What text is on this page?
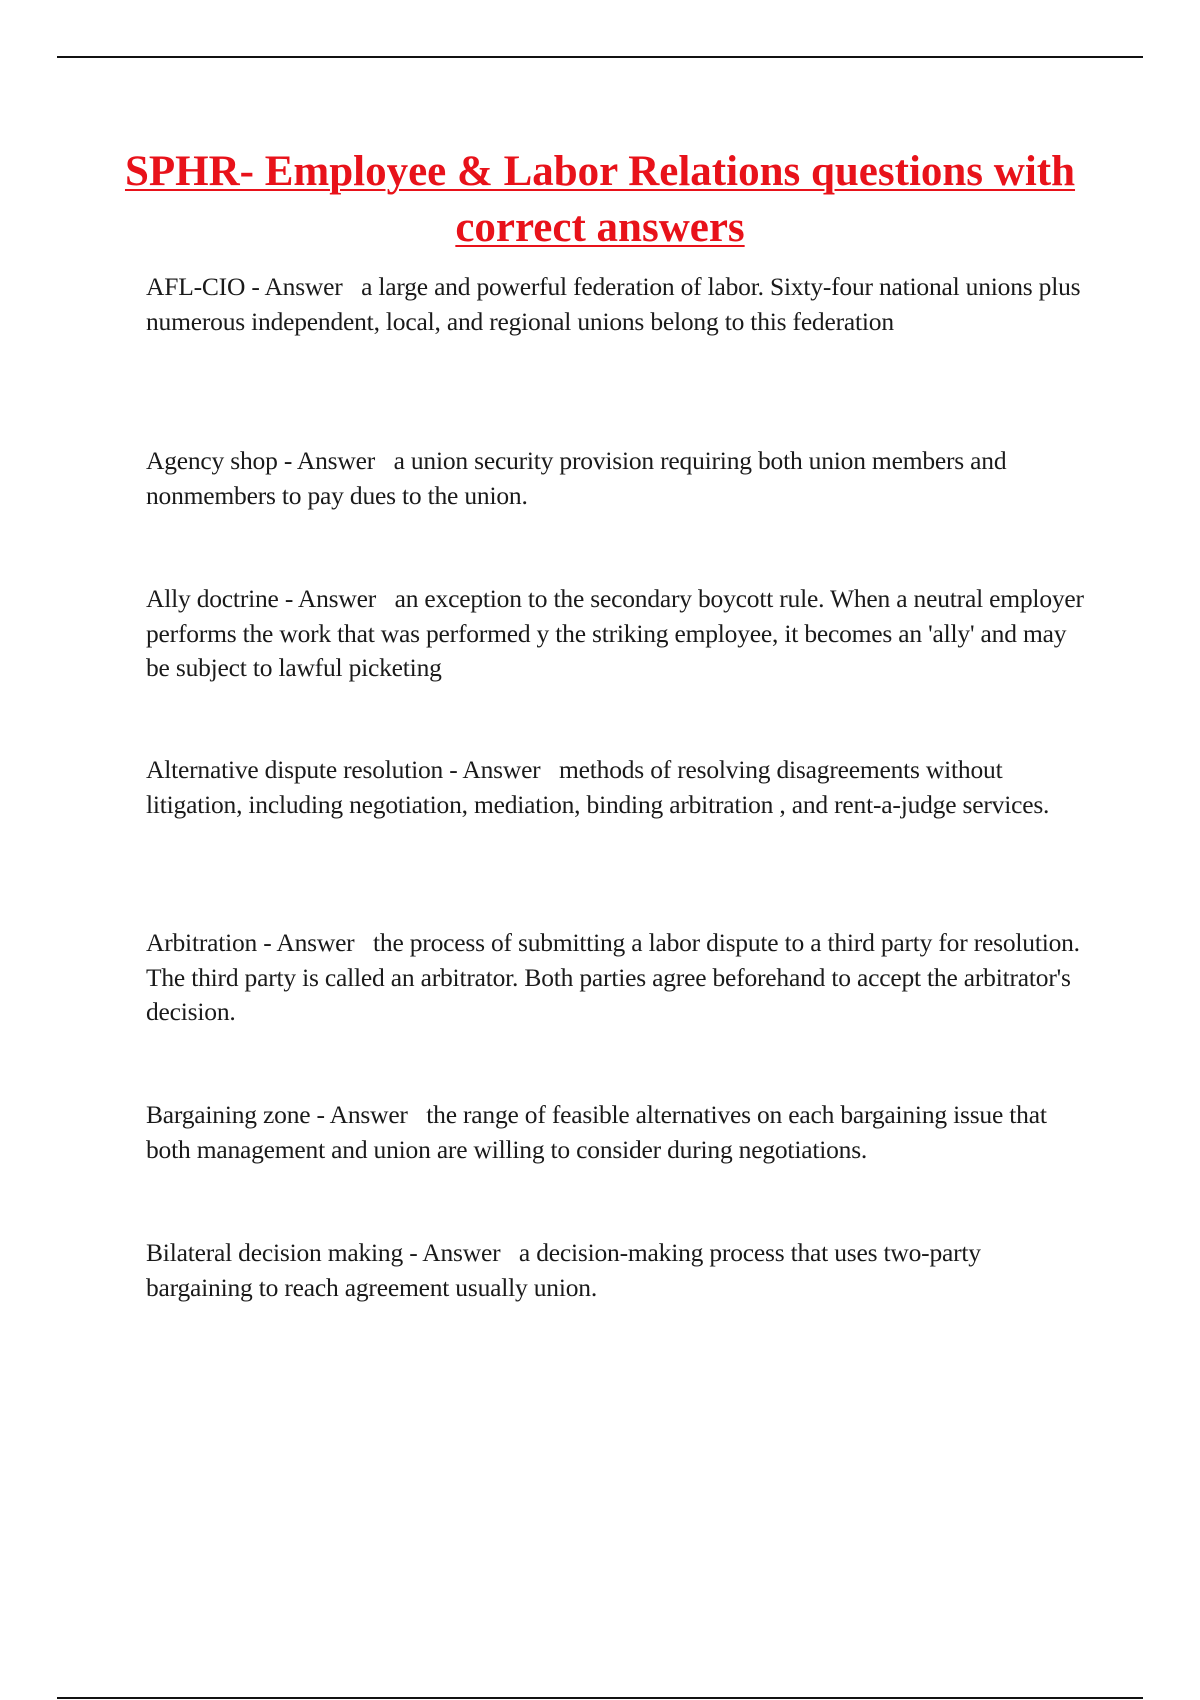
SPHR- Employee & Labor Relations questions with correct answers

AFL-CIO - Answer a large and powerful federation of labor. Sixty-four national unions plus numerous independent, local, and regional unions belong to this federation

Agency shop - Answer a union security provision requiring both union members and nonmembers to pay dues to the union.

Ally doctrine - Answer an exception to the secondary boycott rule. When a neutral employer performs the work that was performed y the striking employee, it becomes an 'ally' and may be subject to lawful picketing

Alternative dispute resolution - Answer methods of resolving disagreements without litigation, including negotiation, mediation, binding arbitration , and rent-a-judge services.

Arbitration - Answer the process of submitting a labor dispute to a third party for resolution. The third party is called an arbitrator. Both parties agree beforehand to accept the arbitrator's decision.

Bargaining zone - Answer the range of feasible alternatives on each bargaining issue that both management and union are willing to consider during negotiations.

Bilateral decision making - Answer a decision-making process that uses two-party bargaining to reach agreement usually union.
